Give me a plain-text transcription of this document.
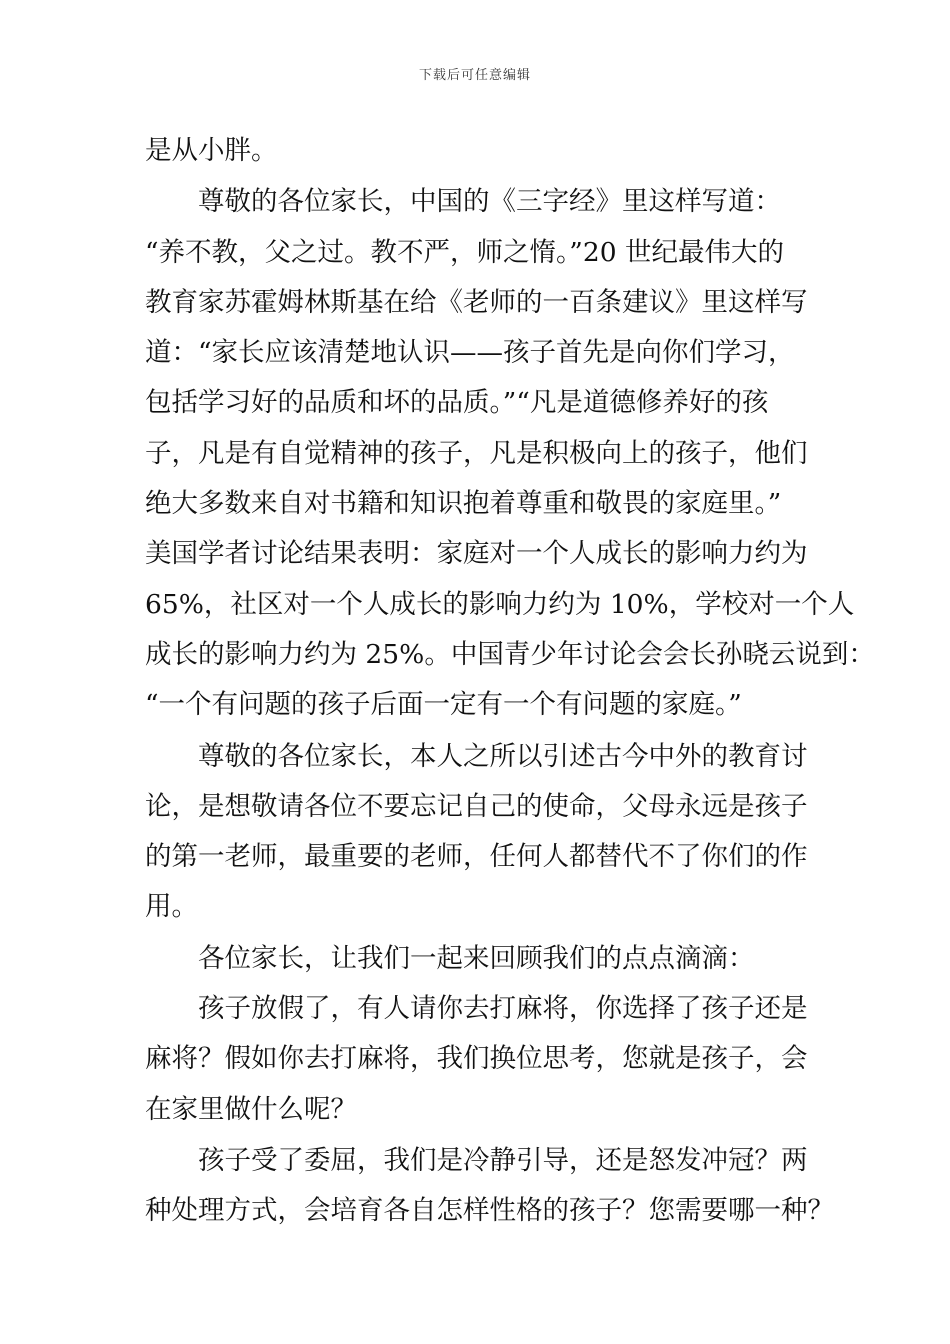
下载后可任意编辑
是从小胖。
尊敬的各位家长，中国的《三字经》里这样写道：
“养不教，父之过。教不严，师之惰。”20 世纪最伟大的
教育家苏霍姆林斯基在给《老师的一百条建议》里这样写
道：“家长应该清楚地认识——孩子首先是向你们学习，
包括学习好的品质和坏的品质。”“凡是道德修养好的孩
子，凡是有自觉精神的孩子，凡是积极向上的孩子，他们
绝大多数来自对书籍和知识抱着尊重和敬畏的家庭里。”
美国学者讨论结果表明：家庭对一个人成长的影响力约为
65%，社区对一个人成长的影响力约为 10%，学校对一个人
成长的影响力约为 25%。中国青少年讨论会会长孙晓云说到：
“一个有问题的孩子后面一定有一个有问题的家庭。”
尊敬的各位家长，本人之所以引述古今中外的教育讨
论，是想敬请各位不要忘记自己的使命，父母永远是孩子
的第一老师，最重要的老师，任何人都替代不了你们的作
用。
各位家长，让我们一起来回顾我们的点点滴滴：
孩子放假了，有人请你去打麻将，你选择了孩子还是
麻将？假如你去打麻将，我们换位思考，您就是孩子，会
在家里做什么呢？
孩子受了委屈，我们是冷静引导，还是怒发冲冠？两
种处理方式，会培育各自怎样性格的孩子？您需要哪一种？
